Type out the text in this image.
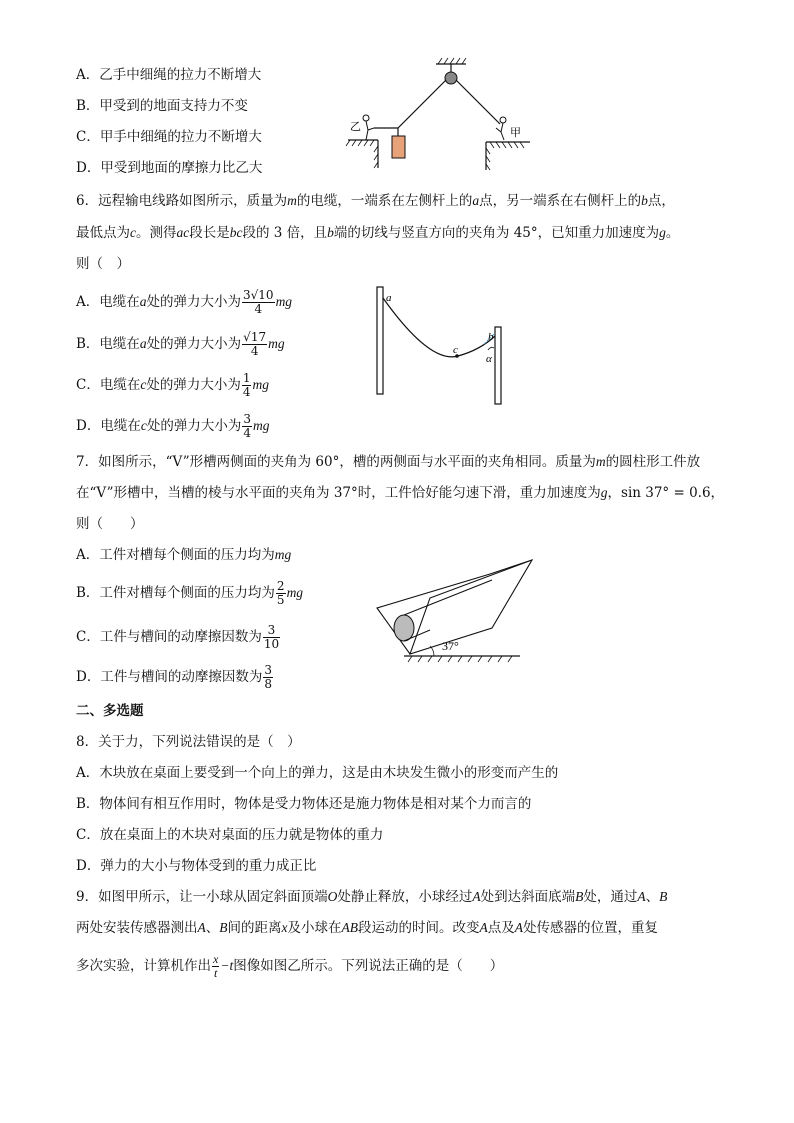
A．乙手中细绳的拉力不断增大
B．甲受到的地面支持力不变
C．甲手中细绳的拉力不断增大
D．甲受到地面的摩擦力比乙大
乙	甲
6．远程输电线路如图所示，质量为m的电缆，一端系在左侧杆上的a点，另一端系在右侧杆上的b点，
最低点为c。测得ac段长是bc段的 3 倍，且b端的切线与竖直方向的夹角为 45°，已知重力加速度为g。
则（　）
A．电缆在a处的弹力大小为 $\frac{3√10}{4}$ mg
B．电缆在a处的弹力大小为 $\frac{√17}{4}$ mg
C．电缆在c处的弹力大小为 $\frac{1}{4}$ mg
D．电缆在c处的弹力大小为 $\frac{3}{4}$ mg
a
c
b
α
7．如图所示，“V”形槽两侧面的夹角为 60°，槽的两侧面与水平面的夹角相同。质量为m的圆柱形工件放
在“V”形槽中，当槽的棱与水平面的夹角为 37°时，工件恰好能匀速下滑，重力加速度为g，sin 37° = 0.6，
则（　　）
A．工件对槽每个侧面的压力均为mg
B．工件对槽每个侧面的压力均为 $\frac{2}{5}$ mg
C．工件与槽间的动摩擦因数为 $\frac{3}{10}$
D．工件与槽间的动摩擦因数为 $\frac{3}{8}$
37°
二、多选题
8．关于力，下列说法错误的是（　）
A．木块放在桌面上要受到一个向上的弹力，这是由木块发生微小的形变而产生的
B．物体间有相互作用时，物体是受力物体还是施力物体是相对某个力而言的
C．放在桌面上的木块对桌面的压力就是物体的重力
D．弹力的大小与物体受到的重力成正比
9．如图甲所示，让一小球从固定斜面顶端O处静止释放，小球经过A处到达斜面底端B处，通过A、B
两处安装传感器测出A、B间的距离x及小球在AB段运动的时间。改变A点及A处传感器的位置，重复
多次实验，计算机作出 $\frac{x}{t} -t$图像如图乙所示。下列说法正确的是（　　）
